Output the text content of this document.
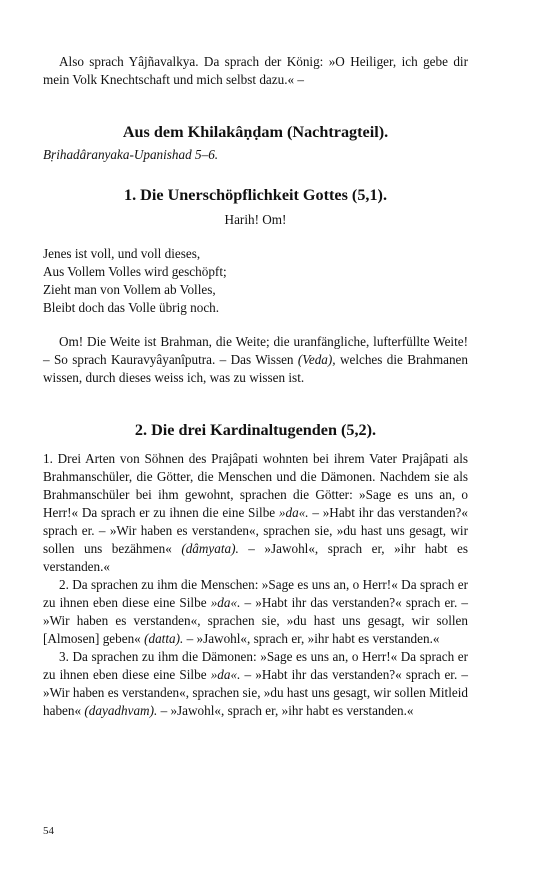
Also sprach Yâjñavalkya. Da sprach der König: »O Heiliger, ich gebe dir mein Volk Knechtschaft und mich selbst dazu.« –

Aus dem Khilakâṇḍam (Nachtragteil).
Bṛihadâranyaka-Upanishad 5–6.
1. Die Unerschöpflichkeit Gottes (5,1).

Harih! Om!

Jenes ist voll, und voll dieses,

Aus Vollem Volles wird geschöpft;

Zieht man von Vollem ab Volles,

Bleibt doch das Volle übrig noch.

Om! Die Weite ist Brahman, die Weite; die uranfängliche, lufterfüllte Weite! – So sprach Kauravyâyanîputra. – Das Wissen (Veda), welches die Brahmanen wissen, durch dieses weiss ich, was zu wissen ist.

2. Die drei Kardinaltugenden (5,2).

1. Drei Arten von Söhnen des Prajâpati wohnten bei ihrem Vater Prajâpati als Brahmanschüler, die Götter, die Menschen und die Dämonen. Nachdem sie als Brahmanschüler bei ihm gewohnt, sprachen die Götter: »Sage es uns an, o Herr!« Da sprach er zu ihnen die eine Silbe »da«. – »Habt ihr das verstanden?« sprach er. – »Wir haben es verstanden«, sprachen sie, »du hast uns gesagt, wir sollen uns bezähmen« (dâmyata). – »Jawohl«, sprach er, »ihr habt es verstanden.«

2. Da sprachen zu ihm die Menschen: »Sage es uns an, o Herr!« Da sprach er zu ihnen eben diese eine Silbe »da«. – »Habt ihr das verstanden?« sprach er. – »Wir haben es verstanden«, sprachen sie, »du hast uns gesagt, wir sollen [Almosen] geben« (datta). – »Jawohl«, sprach er, »ihr habt es verstanden.«

3. Da sprachen zu ihm die Dämonen: »Sage es uns an, o Herr!« Da sprach er zu ihnen eben diese eine Silbe »da«. – »Habt ihr das verstanden?« sprach er. – »Wir haben es verstanden«, sprachen sie, »du hast uns gesagt, wir sollen Mitleid haben« (dayadhvam). – »Jawohl«, sprach er, »ihr habt es verstanden.«

54
